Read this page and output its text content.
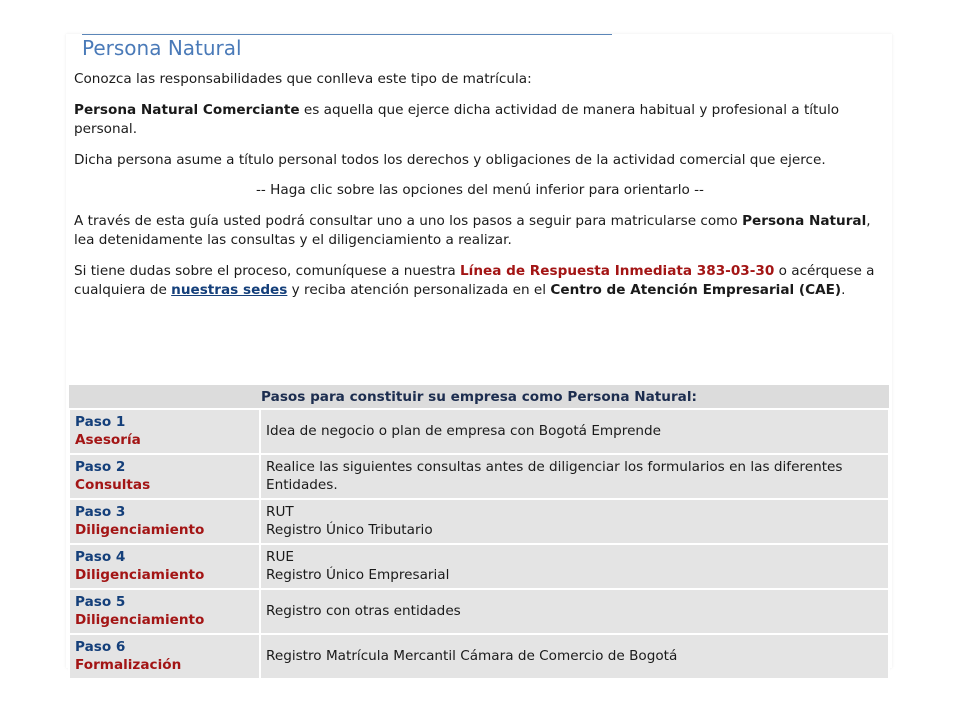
Persona Natural

Conozca las responsabilidades que conlleva este tipo de matrícula:

Persona Natural Comerciante es aquella que ejerce dicha actividad de manera habitual y profesional a título personal.

Dicha persona asume a título personal todos los derechos y obligaciones de la actividad comercial que ejerce.

-- Haga clic sobre las opciones del menú inferior para orientarlo --

A través de esta guía usted podrá consultar uno a uno los pasos a seguir para matricularse como Persona Natural, lea detenidamente las consultas y el diligenciamiento a realizar.

Si tiene dudas sobre el proceso, comuníquese a nuestra Línea de Respuesta Inmediata 383-03-30 o acérquese a cualquiera de nuestras sedes y reciba atención personalizada en el Centro de Atención Empresarial (CAE).

Pasos para constituir su empresa como Persona Natural:	

Paso 1
Asesoría	Idea de negocio o plan de empresa con Bogotá Emprende

Paso 2
Consultas	Realice las siguientes consultas antes de diligenciar los formularios en las diferentes Entidades.

Paso 3
Diligenciamiento	RUT
Registro Único Tributario

Paso 4
Diligenciamiento	RUE
Registro Único Empresarial

Paso 5
Diligenciamiento	Registro con otras entidades

Paso 6
Formalización	Registro Matrícula Mercantil Cámara de Comercio de Bogotá
